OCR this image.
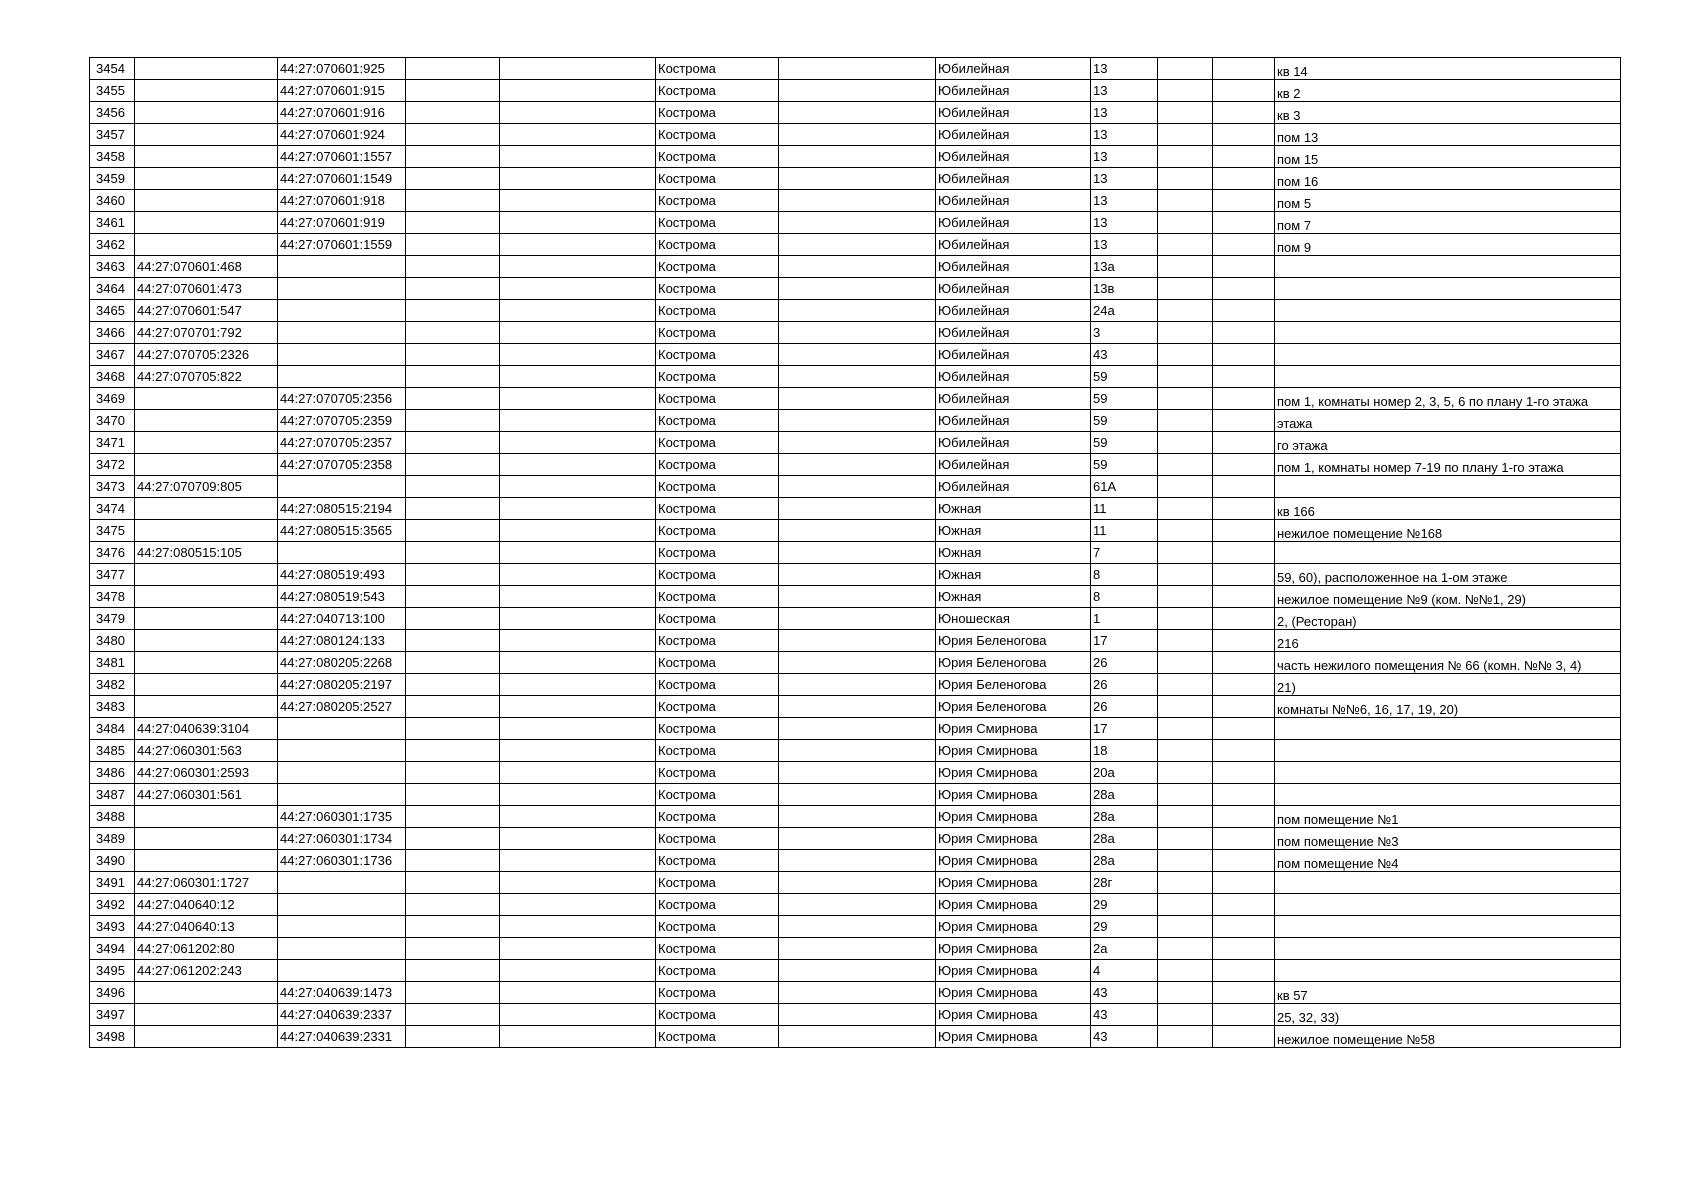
3454		44:27:070601:925			Кострома		Юбилейная	13			кв 14
3455		44:27:070601:915			Кострома		Юбилейная	13			кв 2
3456		44:27:070601:916			Кострома		Юбилейная	13			кв 3
3457		44:27:070601:924			Кострома		Юбилейная	13			пом 13
3458		44:27:070601:1557			Кострома		Юбилейная	13			пом 15
3459		44:27:070601:1549			Кострома		Юбилейная	13			пом 16
3460		44:27:070601:918			Кострома		Юбилейная	13			пом 5
3461		44:27:070601:919			Кострома		Юбилейная	13			пом 7
3462		44:27:070601:1559			Кострома		Юбилейная	13			пом 9
3463	44:27:070601:468				Кострома		Юбилейная	13а			
3464	44:27:070601:473				Кострома		Юбилейная	13в			
3465	44:27:070601:547				Кострома		Юбилейная	24а			
3466	44:27:070701:792				Кострома		Юбилейная	3			
3467	44:27:070705:2326				Кострома		Юбилейная	43			
3468	44:27:070705:822				Кострома		Юбилейная	59			
3469		44:27:070705:2356			Кострома		Юбилейная	59			пом 1, комнаты номер 2, 3, 5, 6 по плану 1-го этажа
3470		44:27:070705:2359			Кострома		Юбилейная	59			этажа
3471		44:27:070705:2357			Кострома		Юбилейная	59			го этажа
3472		44:27:070705:2358			Кострома		Юбилейная	59			пом 1, комнаты номер 7-19 по плану 1-го этажа
3473	44:27:070709:805				Кострома		Юбилейная	61А			
3474		44:27:080515:2194			Кострома		Южная	11			кв 166
3475		44:27:080515:3565			Кострома		Южная	11			нежилое помещение №168
3476	44:27:080515:105				Кострома		Южная	7			
3477		44:27:080519:493			Кострома		Южная	8			59, 60), расположенное на 1-ом этаже
3478		44:27:080519:543			Кострома		Южная	8			нежилое помещение №9 (ком. №№1, 29)
3479		44:27:040713:100			Кострома		Юношеская	1			2, (Ресторан)
3480		44:27:080124:133			Кострома		Юрия Беленогова	17			216
3481		44:27:080205:2268			Кострома		Юрия Беленогова	26			часть нежилого помещения № 66 (комн. №№ 3, 4)
3482		44:27:080205:2197			Кострома		Юрия Беленогова	26			21)
3483		44:27:080205:2527			Кострома		Юрия Беленогова	26			комнаты №№6, 16, 17, 19, 20)
3484	44:27:040639:3104				Кострома		Юрия Смирнова	17			
3485	44:27:060301:563				Кострома		Юрия Смирнова	18			
3486	44:27:060301:2593				Кострома		Юрия Смирнова	20а			
3487	44:27:060301:561				Кострома		Юрия Смирнова	28а			
3488		44:27:060301:1735			Кострома		Юрия Смирнова	28а			пом помещение №1
3489		44:27:060301:1734			Кострома		Юрия Смирнова	28а			пом помещение №3
3490		44:27:060301:1736			Кострома		Юрия Смирнова	28а			пом помещение №4
3491	44:27:060301:1727				Кострома		Юрия Смирнова	28г			
3492	44:27:040640:12				Кострома		Юрия Смирнова	29			
3493	44:27:040640:13				Кострома		Юрия Смирнова	29			
3494	44:27:061202:80				Кострома		Юрия Смирнова	2а			
3495	44:27:061202:243				Кострома		Юрия Смирнова	4			
3496		44:27:040639:1473			Кострома		Юрия Смирнова	43			кв 57
3497		44:27:040639:2337			Кострома		Юрия Смирнова	43			25, 32, 33)
3498		44:27:040639:2331			Кострома		Юрия Смирнова	43			нежилое помещение №58
